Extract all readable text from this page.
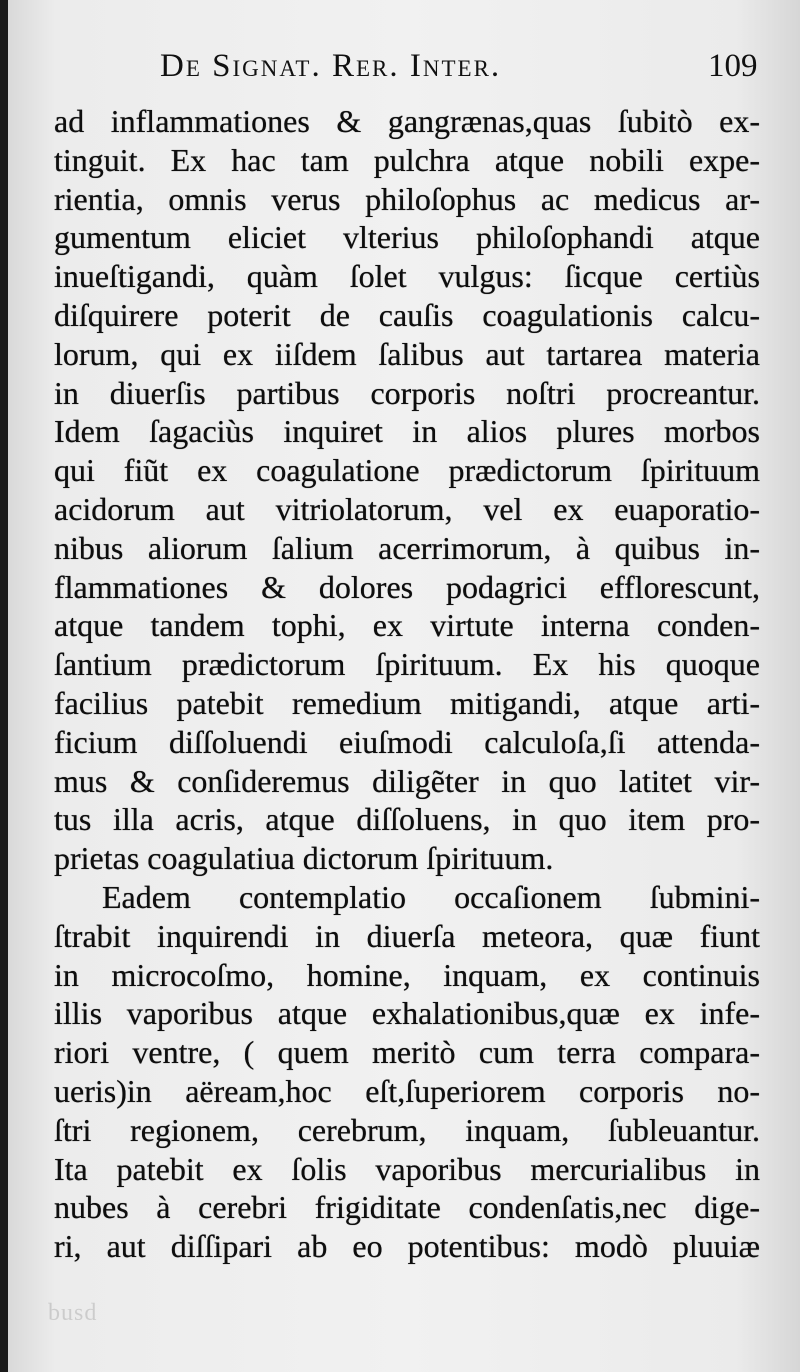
busd
De Signat. Rer. Inter.	109
ad inflammationes & gangrænas,quas ſubitò ex-
tinguit. Ex hac tam pulchra atque nobili expe-
rientia, omnis verus philoſophus ac medicus ar-
gumentum eliciet vlterius philoſophandi atque
inueſtigandi, quàm ſolet vulgus: ſicque certiùs
diſquirere poterit de cauſis coagulationis calcu-
lorum, qui ex iiſdem ſalibus aut tartarea materia
in diuerſis partibus corporis noſtri procreantur.
Idem ſagaciùs inquiret in alios plures morbos
qui fiũt ex coagulatione prædictorum ſpirituum
acidorum aut vitriolatorum, vel ex euaporatio-
nibus aliorum ſalium acerrimorum, à quibus in-
flammationes & dolores podagrici efflorescunt,
atque tandem tophi, ex virtute interna conden-
ſantium prædictorum ſpirituum. Ex his quoque
facilius patebit remedium mitigandi, atque arti-
ficium diſſoluendi eiuſmodi calculoſa,ſi attenda-
mus & conſideremus diligẽter in quo latitet vir-
tus illa acris, atque diſſoluens, in quo item pro-
prietas coagulatiua dictorum ſpirituum.
Eadem contemplatio occaſionem ſubmini-
ſtrabit inquirendi in diuerſa meteora, quæ fiunt
in microcoſmo, homine, inquam, ex continuis
illis vaporibus atque exhalationibus,quæ ex infe-
riori ventre, ( quem meritò cum terra compara-
ueris)in aëream,hoc eſt,ſuperiorem corporis no-
ſtri regionem, cerebrum, inquam, ſubleuantur.
Ita patebit ex ſolis vaporibus mercurialibus in
nubes à cerebri frigiditate condenſatis,nec dige-
ri, aut diſſipari ab eo potentibus: modò pluuiæ
